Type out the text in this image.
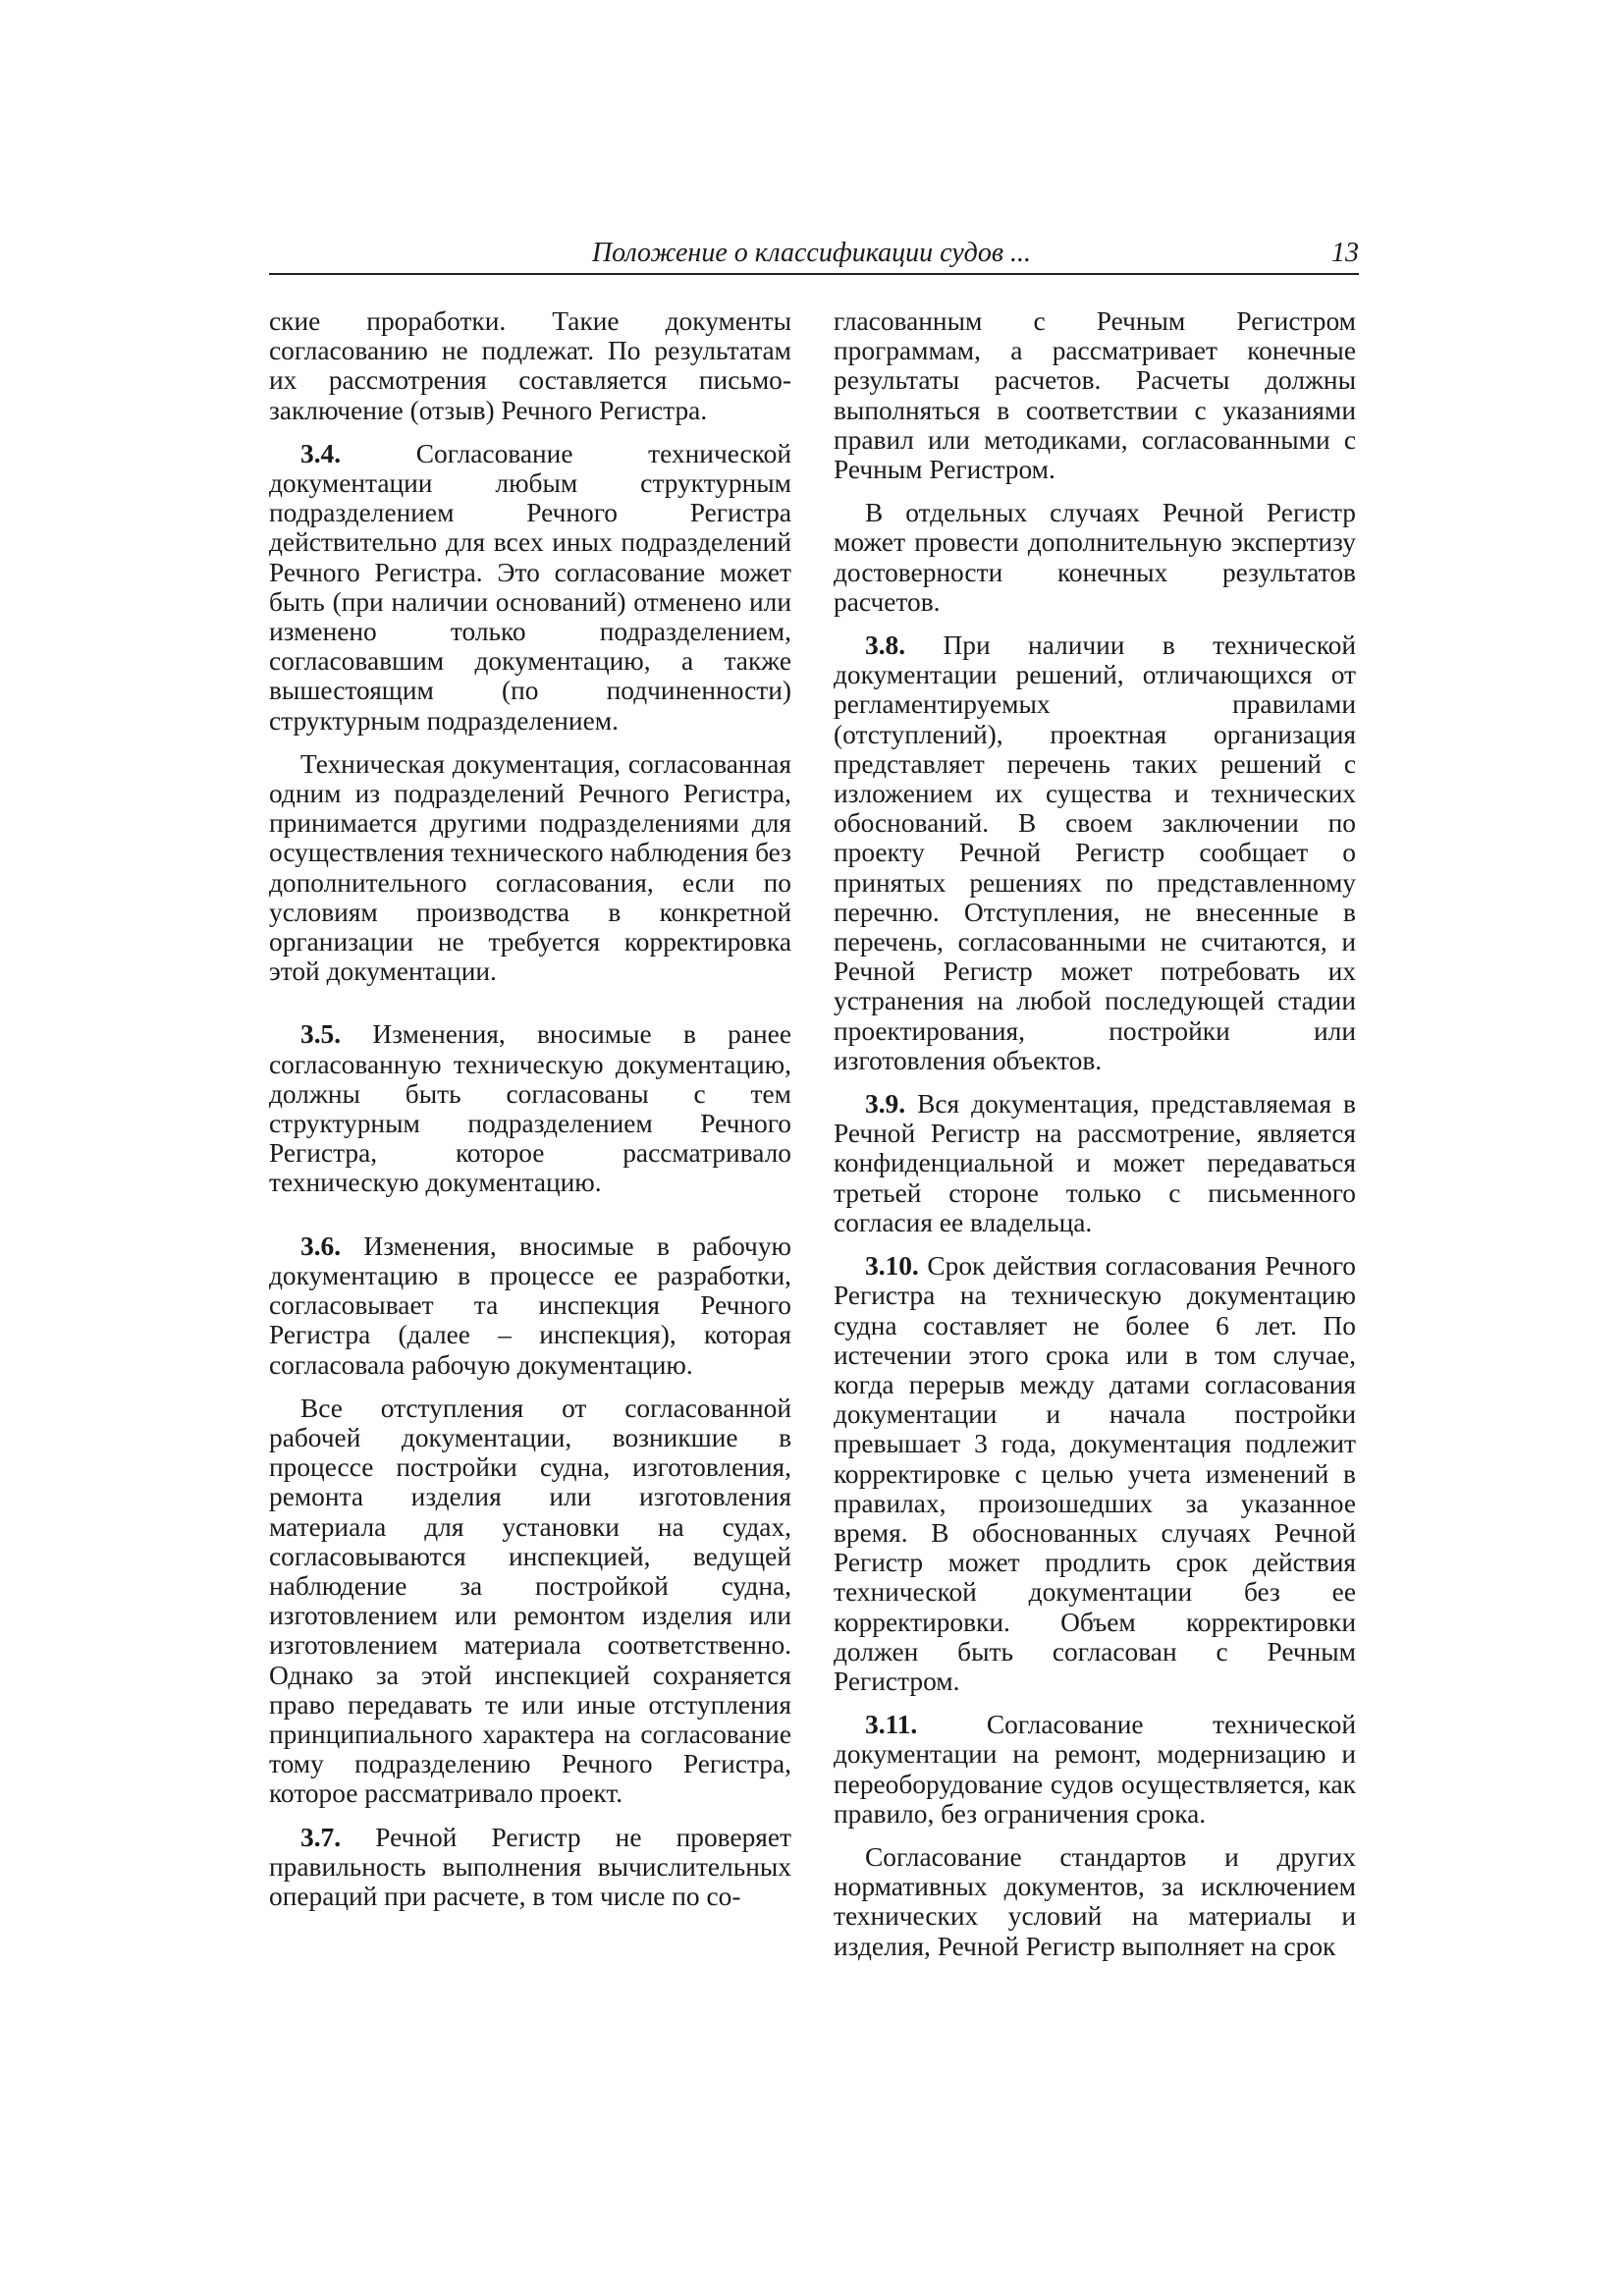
Положение о классификации судов ...	13

ские проработки. Такие документы согласованию не подлежат. По результатам их рассмотрения составляется письмо-заключение (отзыв) Речного Регистра.

3.4. Согласование технической документации любым структурным подразделением Речного Регистра действительно для всех иных подразделений Речного Регистра. Это согласование может быть (при наличии оснований) отменено или изменено только подразделением, согласовавшим документацию, а также вышестоящим (по подчиненности) структурным подразделением.

Техническая документация, согласованная одним из подразделений Речного Регистра, принимается другими подразделениями для осуществления технического наблюдения без дополнительного согласования, если по условиям производства в конкретной организации не требуется корректировка этой документации.

3.5. Изменения, вносимые в ранее согласованную техническую документацию, должны быть согласованы с тем структурным подразделением Речного Регистра, которое рассматривало техническую документацию.

3.6. Изменения, вносимые в рабочую документацию в процессе ее разработки, согласовывает та инспекция Речного Регистра (далее – инспекция), которая согласовала рабочую документацию.

Все отступления от согласованной рабочей документации, возникшие в процессе постройки судна, изготовления, ремонта изделия или изготовления материала для установки на судах, согласовываются инспекцией, ведущей наблюдение за постройкой судна, изготовлением или ремонтом изделия или изготовлением материала соответственно. Однако за этой инспекцией сохраняется право передавать те или иные отступления принципиального характера на согласование тому подразделению Речного Регистра, которое рассматривало проект.

3.7. Речной Регистр не проверяет правильность выполнения вычислительных операций при расчете, в том числе по со-

гласованным с Речным Регистром программам, а рассматривает конечные результаты расчетов. Расчеты должны выполняться в соответствии с указаниями правил или методиками, согласованными с Речным Регистром.

В отдельных случаях Речной Регистр может провести дополнительную экспертизу достоверности конечных результатов расчетов.

3.8. При наличии в технической документации решений, отличающихся от регламентируемых правилами (отступлений), проектная организация представляет перечень таких решений с изложением их существа и технических обоснований. В своем заключении по проекту Речной Регистр сообщает о принятых решениях по представленному перечню. Отступления, не внесенные в перечень, согласованными не считаются, и Речной Регистр может потребовать их устранения на любой последующей стадии проектирования, постройки или изготовления объектов.

3.9. Вся документация, представляемая в Речной Регистр на рассмотрение, является конфиденциальной и может передаваться третьей стороне только с письменного согласия ее владельца.

3.10. Срок действия согласования Речного Регистра на техническую документацию судна составляет не более 6 лет. По истечении этого срока или в том случае, когда перерыв между датами согласования документации и начала постройки превышает 3 года, документация подлежит корректировке с целью учета изменений в правилах, произошедших за указанное время. В обоснованных случаях Речной Регистр может продлить срок действия технической документации без ее корректировки. Объем корректировки должен быть согласован с Речным Регистром.

3.11. Согласование технической документации на ремонт, модернизацию и переоборудование судов осуществляется, как правило, без ограничения срока.

Согласование стандартов и других нормативных документов, за исключением технических условий на материалы и изделия, Речной Регистр выполняет на срок
